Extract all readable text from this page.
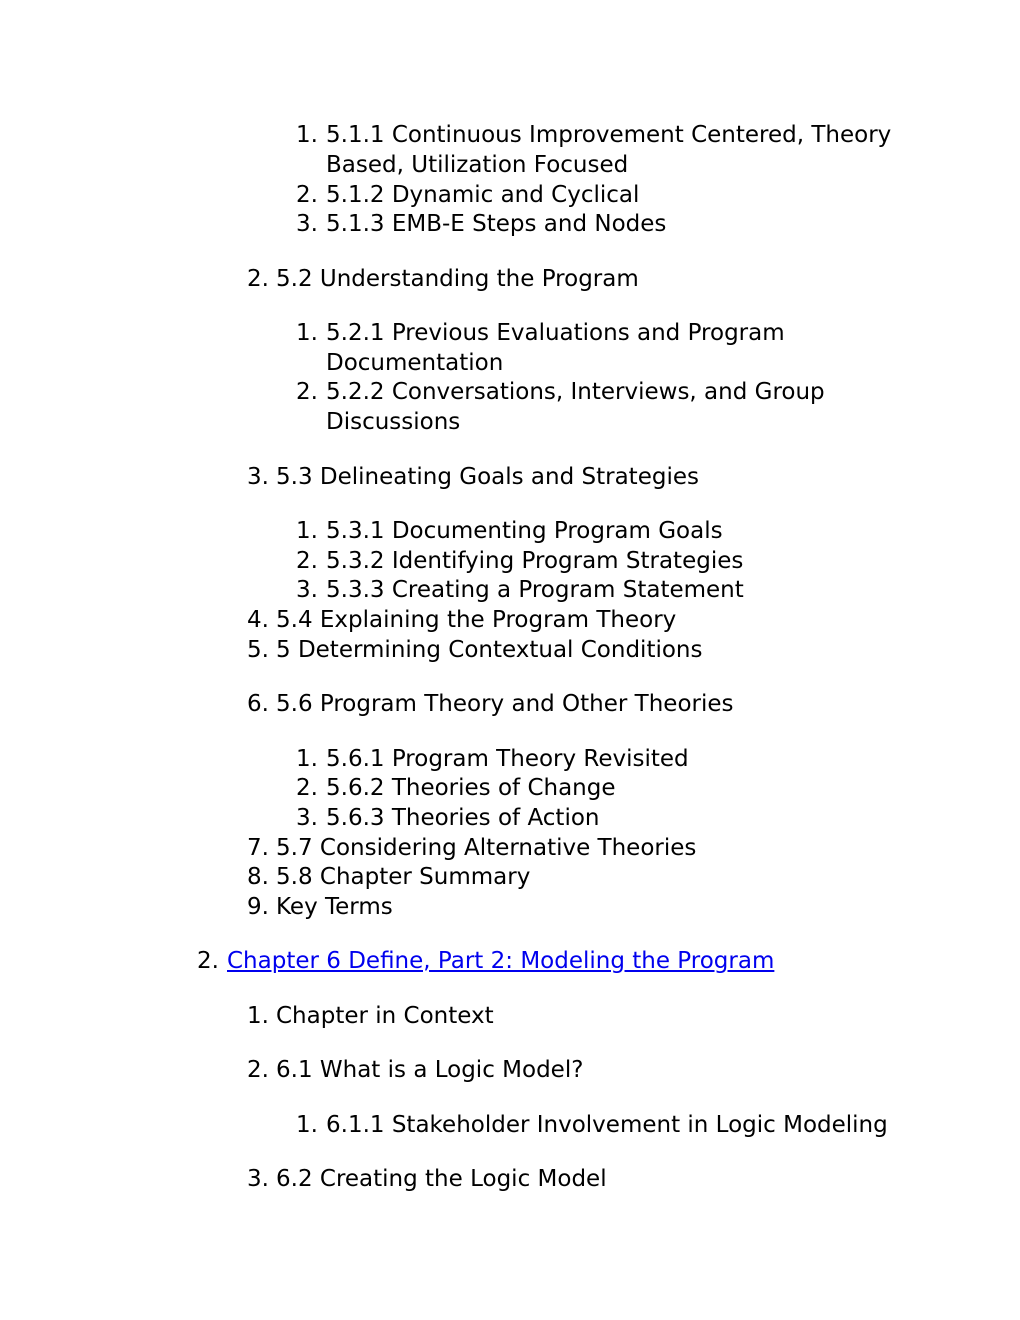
1. 5.1.1 Continuous Improvement Centered, Theory
Based, Utilization Focused
2. 5.1.2 Dynamic and Cyclical
3. 5.1.3 EMB-E Steps and Nodes
2. 5.2 Understanding the Program
1. 5.2.1 Previous Evaluations and Program
Documentation
2. 5.2.2 Conversations, Interviews, and Group
Discussions
3. 5.3 Delineating Goals and Strategies
1. 5.3.1 Documenting Program Goals
2. 5.3.2 Identifying Program Strategies
3. 5.3.3 Creating a Program Statement
4. 5.4 Explaining the Program Theory
5. 5 Determining Contextual Conditions
6. 5.6 Program Theory and Other Theories
1. 5.6.1 Program Theory Revisited
2. 5.6.2 Theories of Change
3. 5.6.3 Theories of Action
7. 5.7 Considering Alternative Theories
8. 5.8 Chapter Summary
9. Key Terms
2. Chapter 6 Define, Part 2: Modeling the Program
1. Chapter in Context
2. 6.1 What is a Logic Model?
1. 6.1.1 Stakeholder Involvement in Logic Modeling
3. 6.2 Creating the Logic Model
